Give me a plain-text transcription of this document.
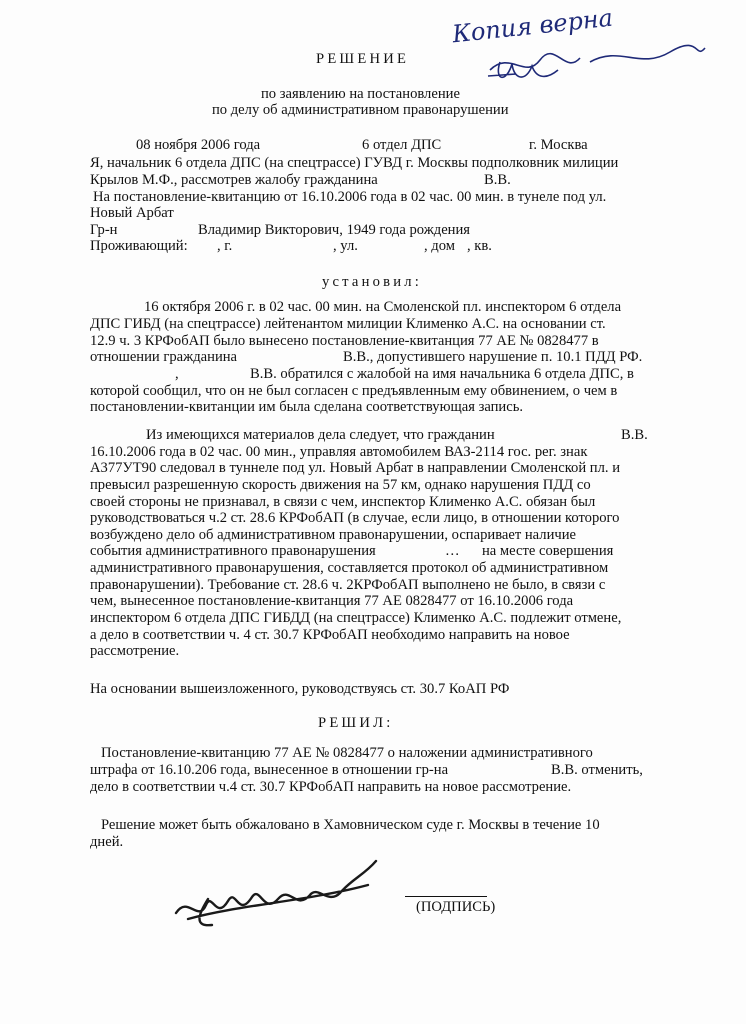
Копия верна
РЕШЕНИЕ
по заявлению на постановление
по делу об административном правонарушении
08 ноября 2006 года	6 отдел ДПС	г. Москва
Я, начальник 6 отдела ДПС (на спецтрассе) ГУВД г. Москвы подполковник милиции
Крылов М.Ф., рассмотрев жалобу гражданина	В.В.
На постановление-квитанцию от 16.10.2006 года в 02 час. 00 мин. в тунеле под ул.
Новый Арбат
Гр-н	Владимир Викторович, 1949 года рождения
Проживающий: , г.	, ул.	, дом , кв.
установил:
16 октября 2006 г. в 02 час. 00 мин. на Смоленской пл. инспектором 6 отдела
ДПС ГИБД (на спецтрассе) лейтенантом милиции Клименко А.С. на основании ст.
12.9 ч. 3 КРФобАП было вынесено постановление-квитанция 77 АЕ № 0828477 в
отношении гражданина	В.В., допустившего нарушение п. 10.1 ПДД РФ.
,	В.В. обратился с жалобой на имя начальника 6 отдела ДПС, в
которой сообщил, что он не был согласен с предъявленным ему обвинением, о чем в
постановлении-квитанции им была сделана соответствующая запись.
Из имеющихся материалов дела следует, что гражданин	В.В.
16.10.2006 года в 02 час. 00 мин., управляя автомобилем ВАЗ-2114 гос. рег. знак
А377УТ90 следовал в туннеле под ул. Новый Арбат в направлении Смоленской пл. и
превысил разрешенную скорость движения на 57 км, однако нарушения ПДД со
своей стороны не признавал, в связи с чем, инспектор Клименко А.С. обязан был
руководствоваться ч.2 ст. 28.6 КРФобАП (в случае, если лицо, в отношении которого
возбуждено дело об административном правонарушении, оспаривает наличие
события административного правонарушения	… на месте совершения
административного правонарушения, составляется протокол об административном
правонарушении). Требование ст. 28.6 ч. 2КРФобАП выполнено не было, в связи с
чем, вынесенное постановление-квитанция 77 АЕ 0828477 от 16.10.2006 года
инспектором 6 отдела ДПС ГИБДД (на спецтрассе) Клименко А.С. подлежит отмене,
а дело в соответствии ч. 4 ст. 30.7 КРФобАП необходимо направить на новое
рассмотрение.
На основании вышеизложенного, руководствуясь ст. 30.7 КоАП РФ
РЕШИЛ:
Постановление-квитанцию 77 АЕ № 0828477 о наложении административного
штрафа от 16.10.206 года, вынесенное в отношении гр-на	В.В. отменить,
дело в соответствии ч.4 ст. 30.7 КРФобАП направить на новое рассмотрение.
Решение может быть обжаловано в Хамовническом суде г. Москвы в течение 10
дней.
(ПОДПИСЬ)
